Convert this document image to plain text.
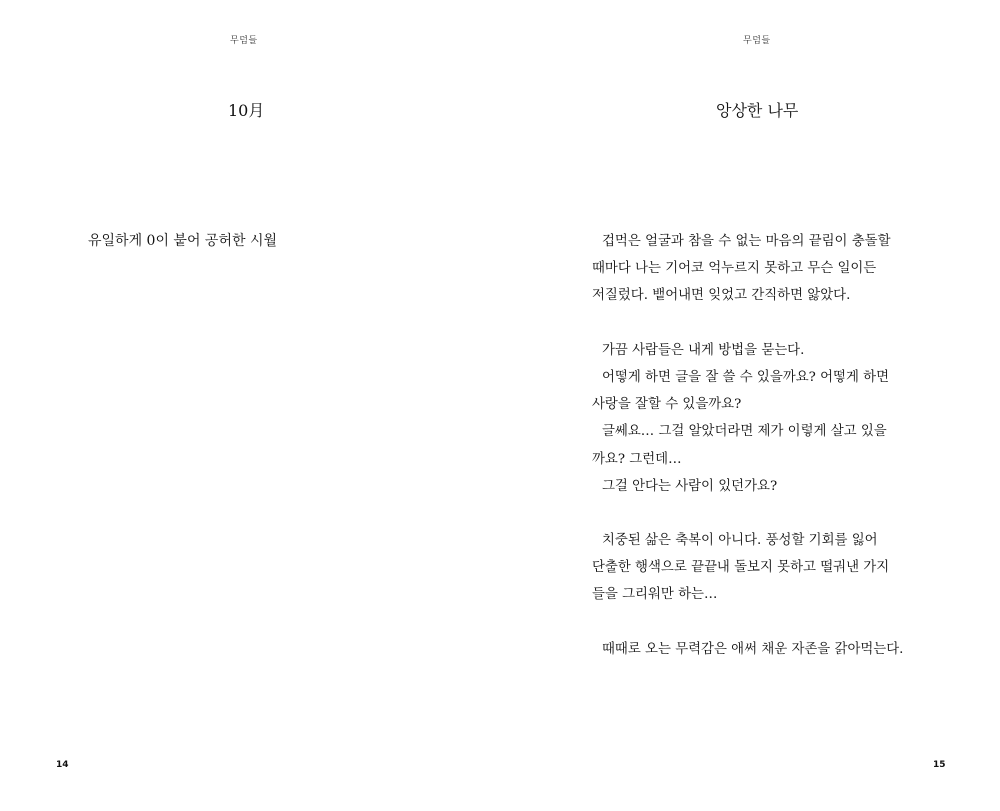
무덤들
10月
유일하게 0이 붙어 공허한 시월
14
무덤들
앙상한 나무
겁먹은 얼굴과 참을 수 없는 마음의 끝림이 충돌할
때마다 나는 기어코 억누르지 못하고 무슨 일이든
저질렀다. 뱉어내면 잊었고 간직하면 앓았다.
가끔 사람들은 내게 방법을 묻는다.
어떻게 하면 글을 잘 쓸 수 있을까요? 어떻게 하면
사랑을 잘할 수 있을까요?
글쎄요… 그걸 알았더라면 제가 이렇게 살고 있을
까요? 그런데…
그걸 안다는 사람이 있던가요?
치중된 삶은 축복이 아니다. 풍성할 기회를 잃어
단출한 행색으로 끝끝내 돌보지 못하고 떨궈낸 가지
들을 그리워만 하는…
때때로 오는 무력감은 애써 채운 자존을 갉아먹는다.
15
